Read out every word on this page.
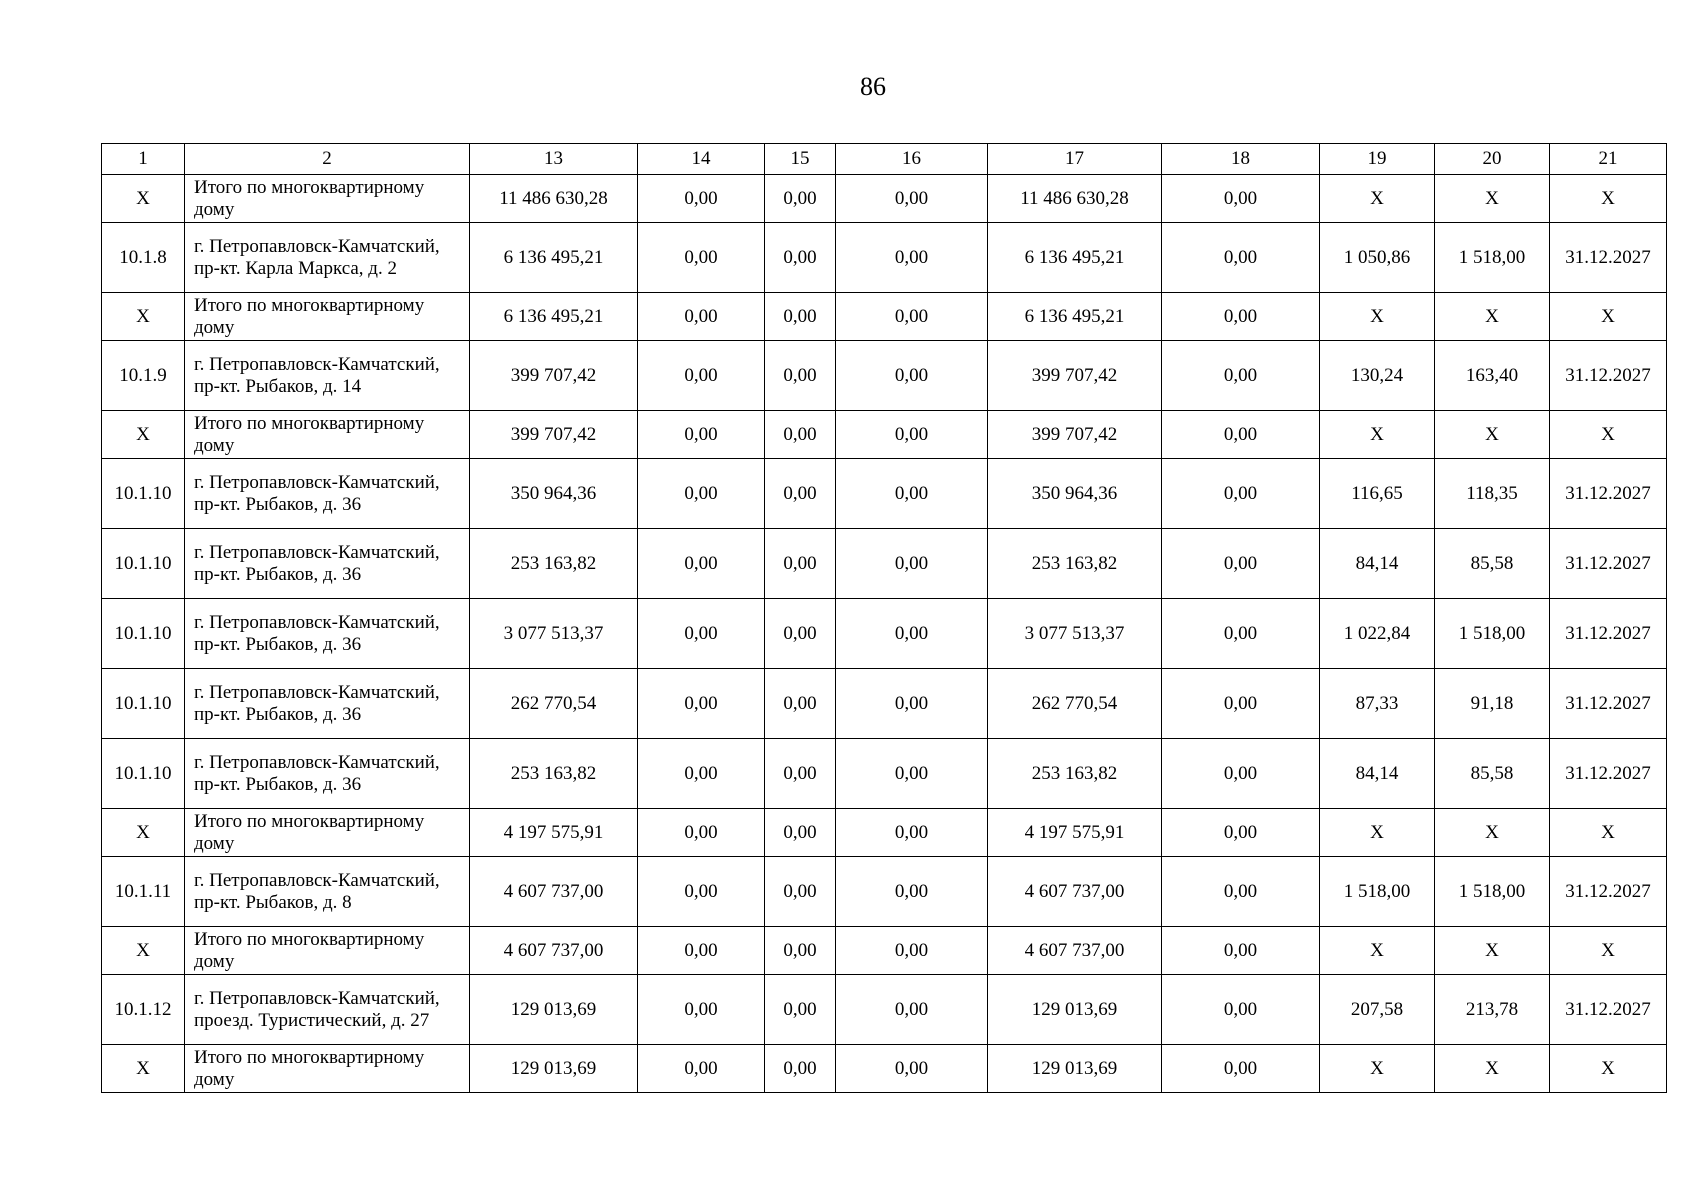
86
1	2	13	14	15	16	17	18	19	20	21
X	Итого по многоквартирному дому	11 486 630,28	0,00	0,00	0,00	11 486 630,28	0,00	X	X	X
10.1.8	г. Петропавловск-Камчатский, пр-кт. Карла Маркса, д. 2	6 136 495,21	0,00	0,00	0,00	6 136 495,21	0,00	1 050,86	1 518,00	31.12.2027
X	Итого по многоквартирному дому	6 136 495,21	0,00	0,00	0,00	6 136 495,21	0,00	X	X	X
10.1.9	г. Петропавловск-Камчатский, пр-кт. Рыбаков, д. 14	399 707,42	0,00	0,00	0,00	399 707,42	0,00	130,24	163,40	31.12.2027
X	Итого по многоквартирному дому	399 707,42	0,00	0,00	0,00	399 707,42	0,00	X	X	X
10.1.10	г. Петропавловск-Камчатский, пр-кт. Рыбаков, д. 36	350 964,36	0,00	0,00	0,00	350 964,36	0,00	116,65	118,35	31.12.2027
10.1.10	г. Петропавловск-Камчатский, пр-кт. Рыбаков, д. 36	253 163,82	0,00	0,00	0,00	253 163,82	0,00	84,14	85,58	31.12.2027
10.1.10	г. Петропавловск-Камчатский, пр-кт. Рыбаков, д. 36	3 077 513,37	0,00	0,00	0,00	3 077 513,37	0,00	1 022,84	1 518,00	31.12.2027
10.1.10	г. Петропавловск-Камчатский, пр-кт. Рыбаков, д. 36	262 770,54	0,00	0,00	0,00	262 770,54	0,00	87,33	91,18	31.12.2027
10.1.10	г. Петропавловск-Камчатский, пр-кт. Рыбаков, д. 36	253 163,82	0,00	0,00	0,00	253 163,82	0,00	84,14	85,58	31.12.2027
X	Итого по многоквартирному дому	4 197 575,91	0,00	0,00	0,00	4 197 575,91	0,00	X	X	X
10.1.11	г. Петропавловск-Камчатский, пр-кт. Рыбаков, д. 8	4 607 737,00	0,00	0,00	0,00	4 607 737,00	0,00	1 518,00	1 518,00	31.12.2027
X	Итого по многоквартирному дому	4 607 737,00	0,00	0,00	0,00	4 607 737,00	0,00	X	X	X
10.1.12	г. Петропавловск-Камчатский, проезд. Туристический, д. 27	129 013,69	0,00	0,00	0,00	129 013,69	0,00	207,58	213,78	31.12.2027
X	Итого по многоквартирному дому	129 013,69	0,00	0,00	0,00	129 013,69	0,00	X	X	X
